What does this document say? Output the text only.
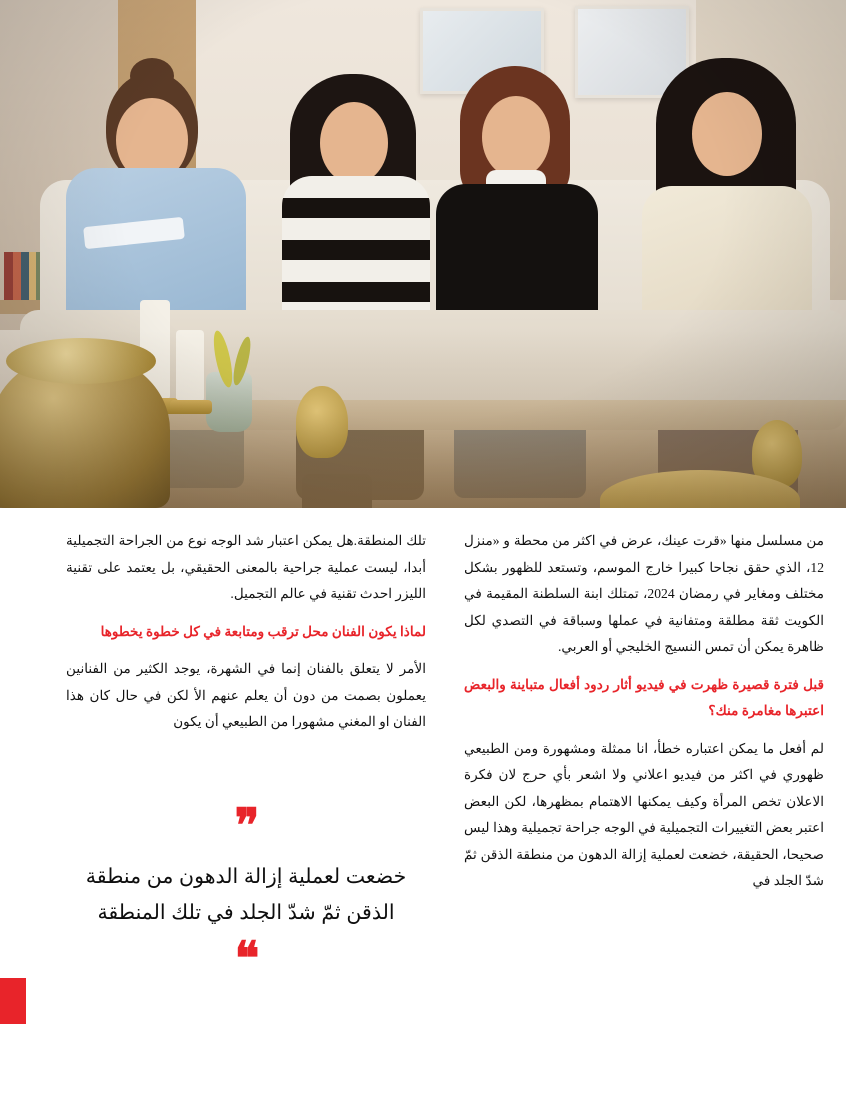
من مسلسل منها «قرت عينك، عرض في اكثر من محطة و «منزل 12، الذي حقق نجاحا كبيرا خارج الموسم، وتستعد للظهور بشكل مختلف ومغاير في رمضان 2024، تمتلك ابنة السلطنة المقيمة في الكويت ثقة مطلقة ومتفانية في عملها وسباقة في التصدي لكل ظاهرة يمكن أن تمس النسيج الخليجي أو العربي.

قبل فترة قصيرة ظهرت في فيديو أثار ردود أفعال متباينة والبعض اعتبرها مغامرة منك؟

لم أفعل ما يمكن اعتباره خطأ، انا ممثلة ومشهورة ومن الطبيعي ظهوري في اكثر من فيديو اعلاني ولا اشعر بأي حرج لان فكرة الاعلان تخص المرأة وكيف يمكنها الاهتمام بمظهرها، لكن البعض اعتبر بعض التغييرات التجميلية في الوجه جراحة تجميلية وهذا ليس صحيحا، الحقيقة، خضعت لعملية إزالة الدهون من منطقة الذقن ثمّ شدّ الجلد في

تلك المنطقة.هل يمكن اعتبار شد الوجه نوع من الجراحة التجميلية أبدا، ليست عملية جراحية بالمعنى الحقيقي، بل يعتمد على تقنية الليزر احدث تقنية في عالم التجميل.

لماذا يكون الفنان محل ترقب ومتابعة في كل خطوة يخطوها

الأمر لا يتعلق بالفنان إنما في الشهرة، يوجد الكثير من الفنانين يعملون بصمت من دون أن يعلم عنهم الأ لكن في حال كان هذا الفنان او المغني مشهورا من الطبيعي أن يكون

❞
خضعت لعملية إزالة الدهون من منطقة الذقن ثمّ شدّ الجلد في تلك المنطقة
❝
